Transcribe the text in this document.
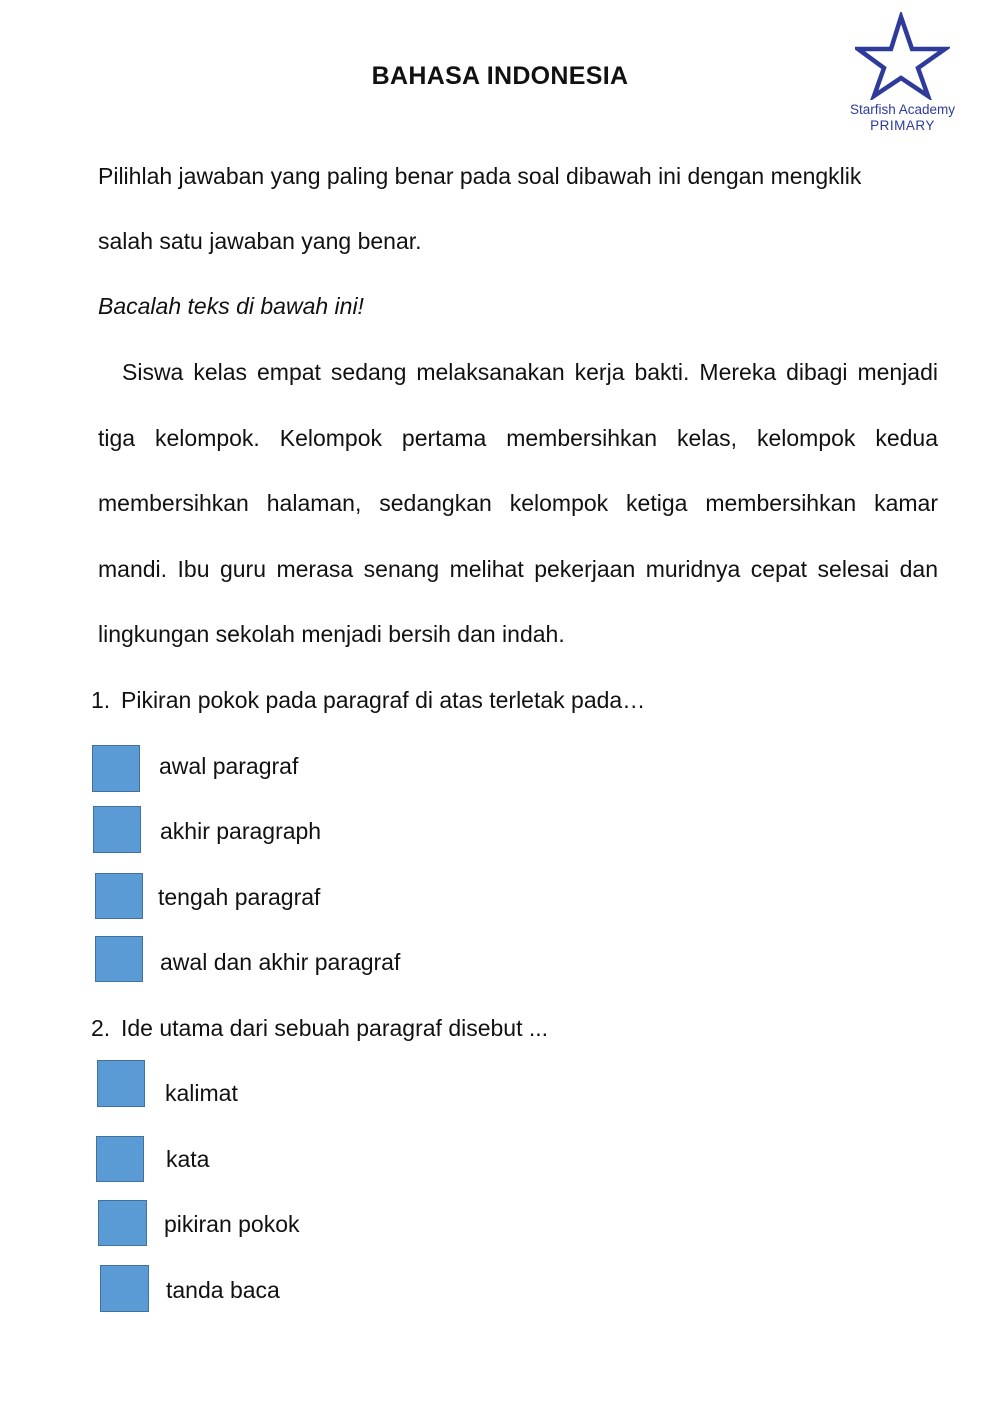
BAHASA INDONESIA
Starfish Academy
PRIMARY
Pilihlah jawaban yang paling benar pada soal dibawah ini dengan mengklik
salah satu jawaban yang benar.
Bacalah teks di bawah ini!
Siswa kelas empat sedang melaksanakan kerja bakti. Mereka dibagi menjadi
tiga kelompok. Kelompok pertama membersihkan kelas, kelompok kedua
membersihkan halaman, sedangkan kelompok ketiga membersihkan kamar
mandi. Ibu guru merasa senang melihat pekerjaan muridnya cepat selesai dan
lingkungan sekolah menjadi bersih dan indah.
1. Pikiran pokok pada paragraf di atas terletak pada…
awal paragraf
akhir paragraph
tengah paragraf
awal dan akhir paragraf
2. Ide utama dari sebuah paragraf disebut ...
kalimat
kata
pikiran pokok
tanda baca
